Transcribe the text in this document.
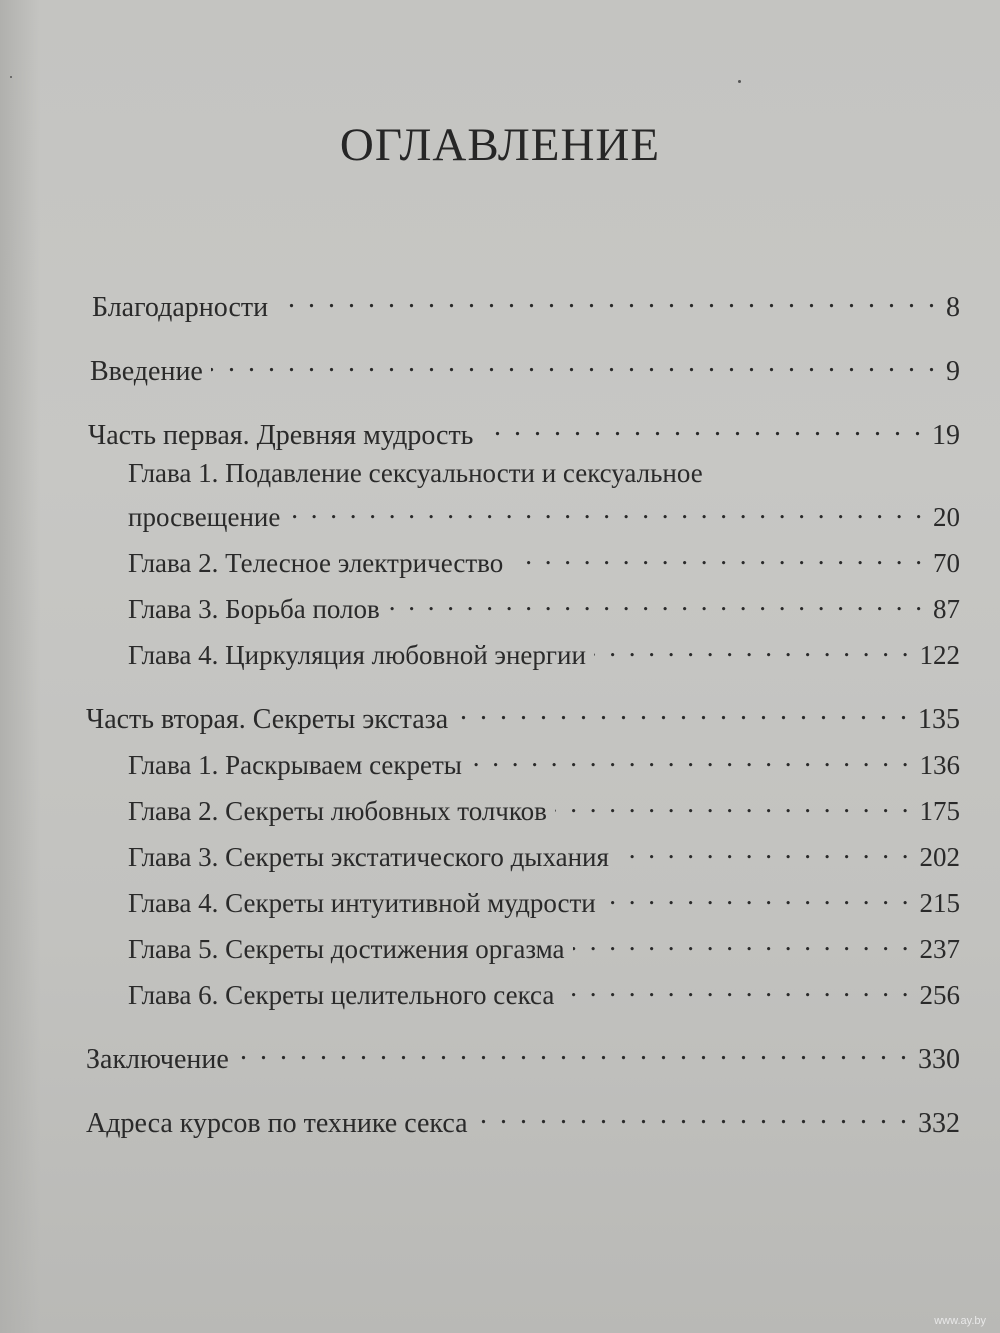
ОГЛАВЛЕНИЕ
Благодарности . . .	8
Введение . . .	9
Часть первая. Древняя мудрость . . .	19
Глава 1. Подавление сексуальности и сексуальное
просвещение . . .	20
Глава 2. Телесное электричество . . .	70
Глава 3. Борьба полов . . .	87
Глава 4. Циркуляция любовной энергии . . .	122
Часть вторая. Секреты экстаза . . .	135
Глава 1. Раскрываем секреты . . .	136
Глава 2. Секреты любовных толчков . . .	175
Глава 3. Секреты экстатического дыхания . . .	202
Глава 4. Секреты интуитивной мудрости . . .	215
Глава 5. Секреты достижения оргазма . . .	237
Глава 6. Секреты целительного секса . . .	256
Заключение . . .	330
Адреса курсов по технике секса . . .	332
www.ay.by
